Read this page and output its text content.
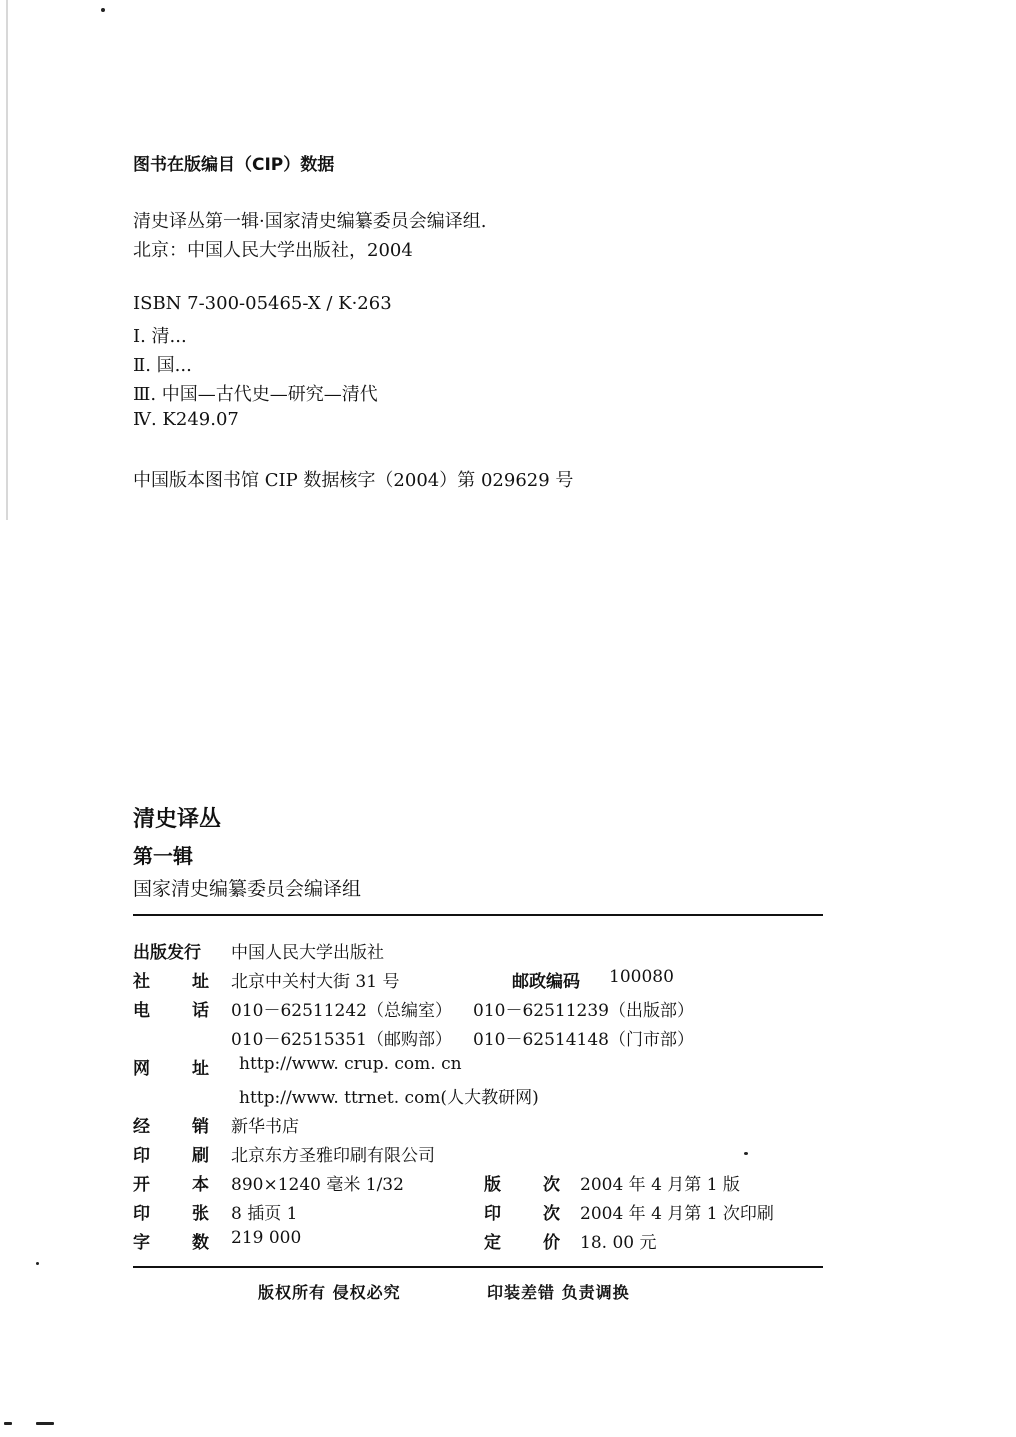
图书在版编目（CIP）数据
清史译丛第一辑·国家清史编纂委员会编译组.
北京：中国人民大学出版社，2004
ISBN 7-300-05465-X / K·263
Ⅰ. 清...
Ⅱ. 国...
Ⅲ. 中国—古代史—研究—清代
Ⅳ. K249.07
中国版本图书馆 CIP 数据核字（2004）第 029629 号
清史译丛
第一辑
国家清史编纂委员会编译组
出版发行 中国人民大学出版社
社 址 北京中关村大街 31 号	邮政编码 100080
电 话 010－62511242（总编室） 010－62511239（出版部）
010－62515351（邮购部） 010－62514148（门市部）
网 址 http://www. crup. com. cn
http://www. ttrnet. com(人大教研网)
经 销 新华书店
印 刷 北京东方圣雅印刷有限公司
开 本 890×1240 毫米 1/32	版 次 2004 年 4 月第 1 版
印 张 8 插页 1	印 次 2004 年 4 月第 1 次印刷
字 数 219 000	定 价 18. 00 元
版权所有 侵权必究	印装差错 负责调换
